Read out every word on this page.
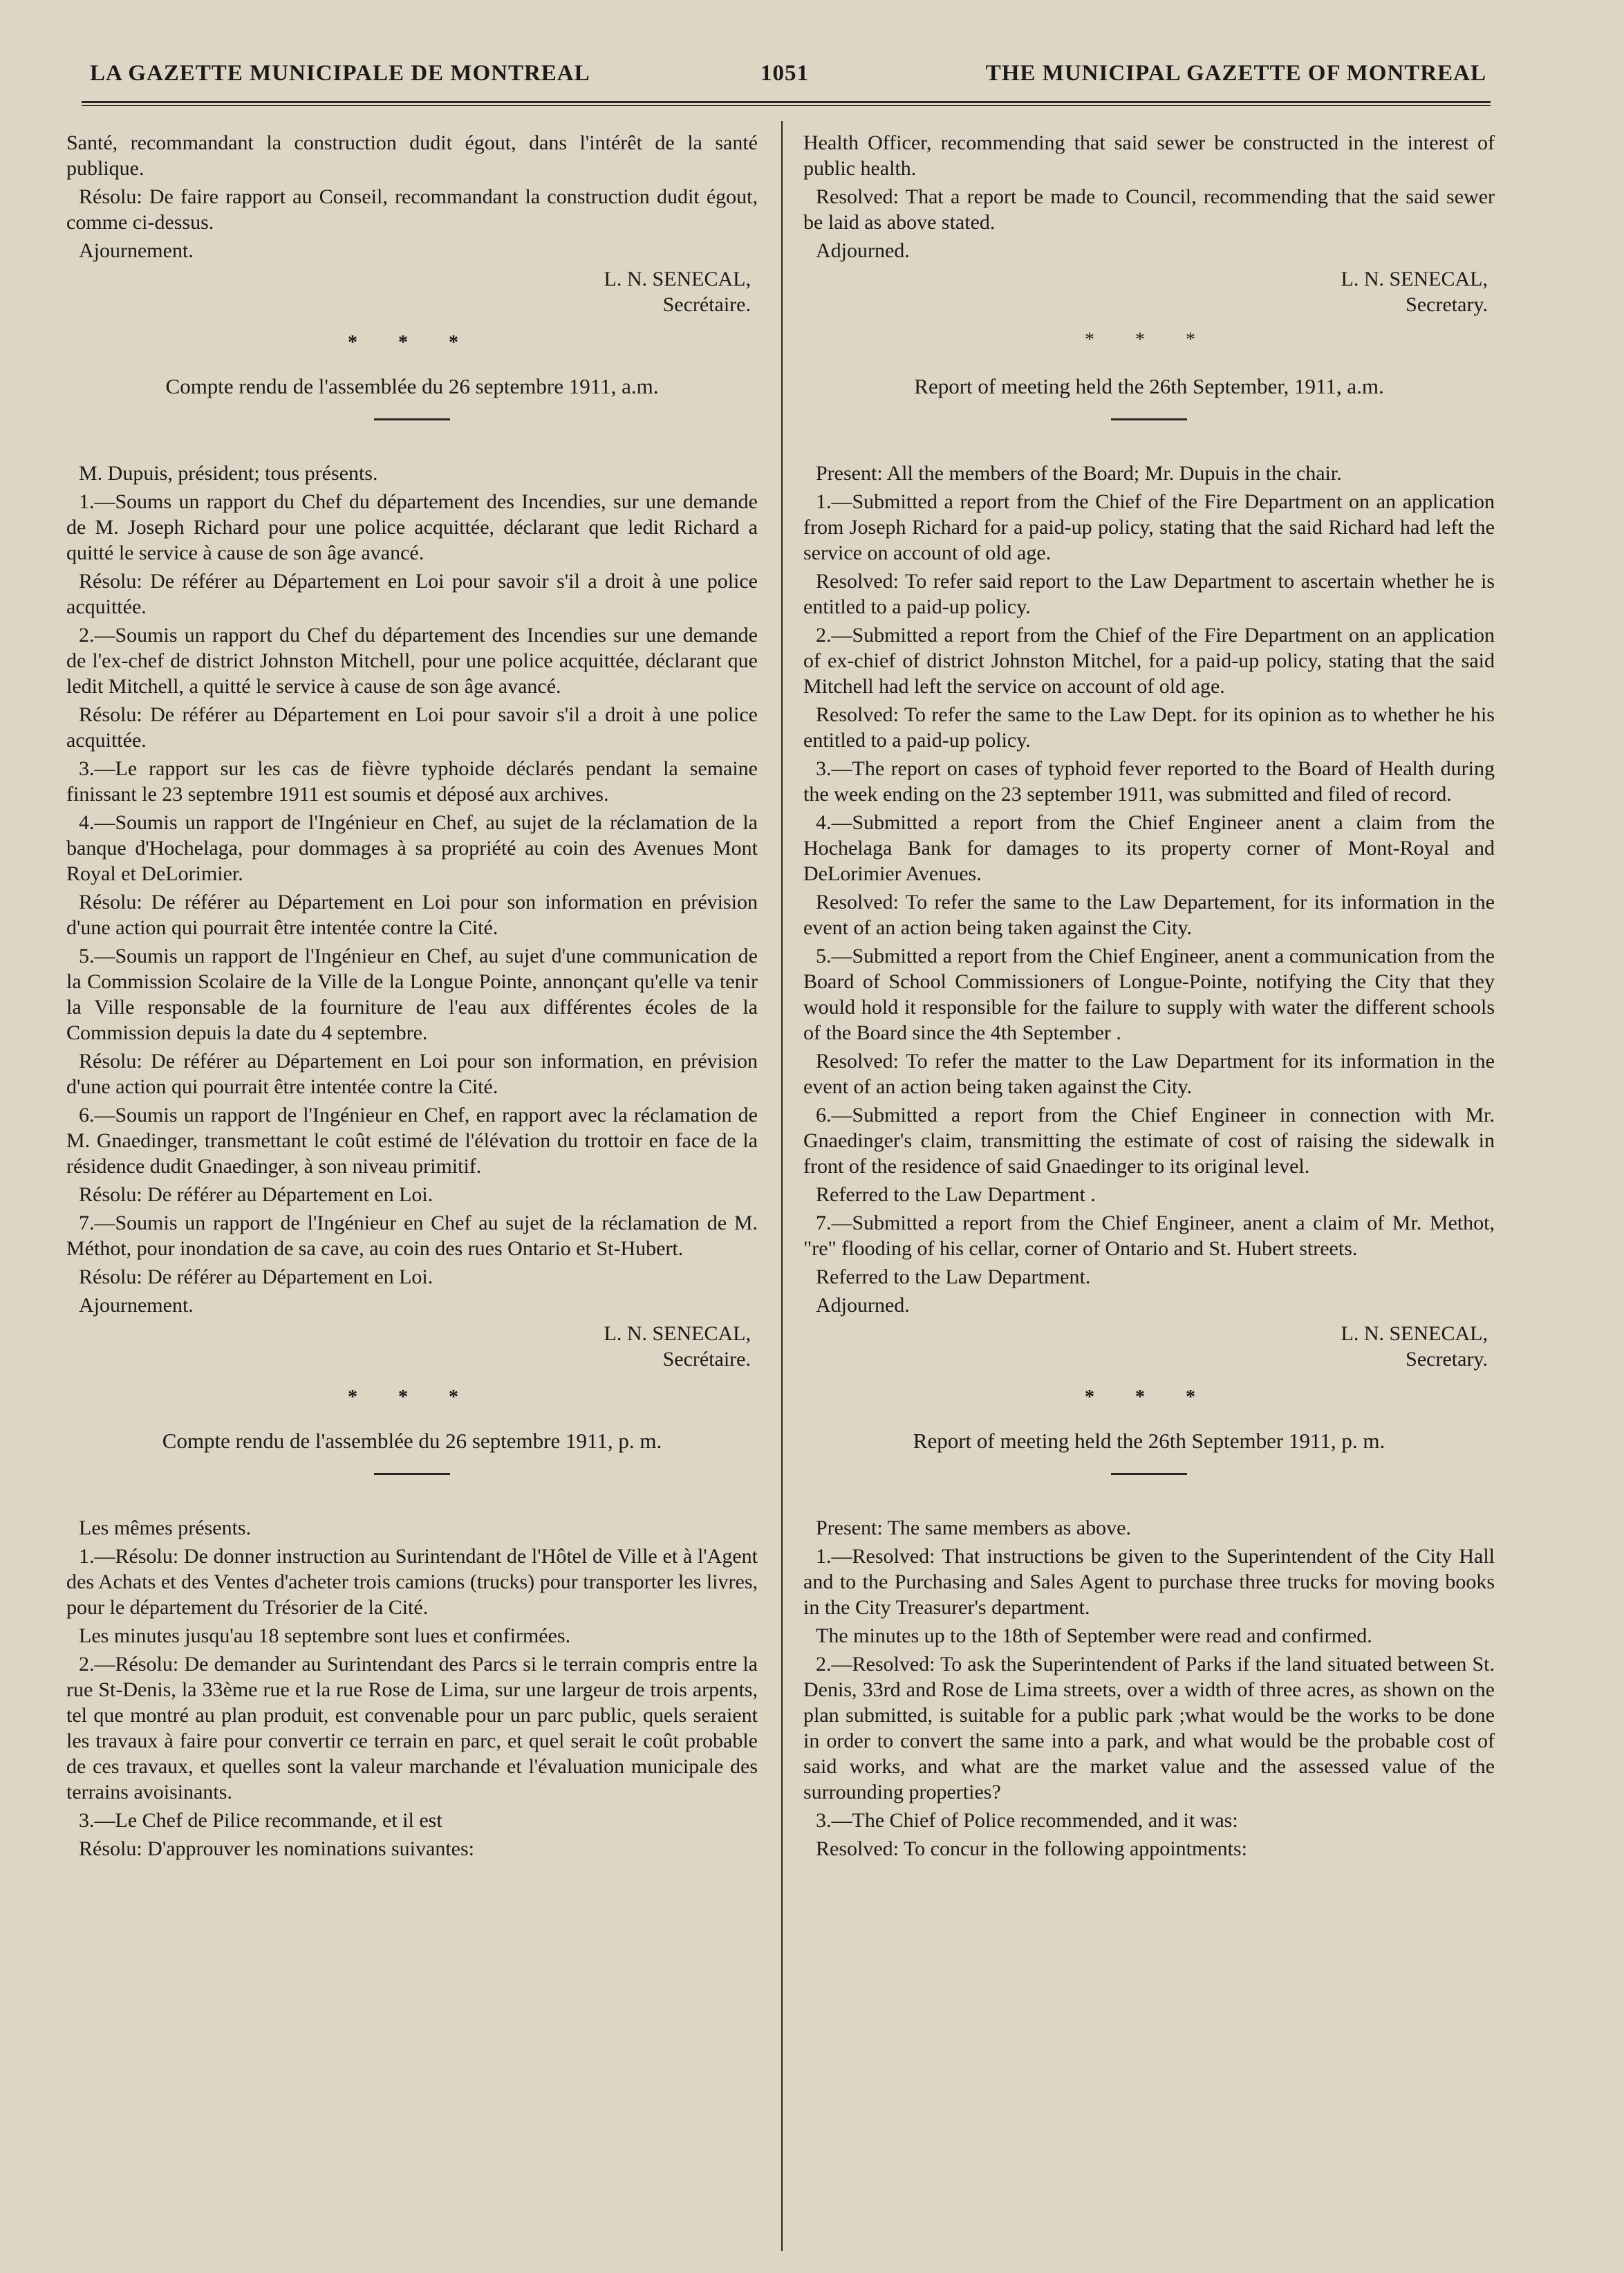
LA GAZETTE MUNICIPALE DE MONTREAL	1051	THE MUNICIPAL GAZETTE OF MONTREAL

Santé, recommandant la construction dudit égout, dans l'intérêt de la santé publique.

Résolu: De faire rapport au Conseil, recommandant la construction dudit égout, comme ci-dessus.

Ajournement.

L. N. SENECAL,

Secrétaire.

* * *
Compte rendu de l'assemblée du 26 septembre 1911, a.m.

M. Dupuis, président; tous présents.

1.—Soums un rapport du Chef du département des Incendies, sur une demande de M. Joseph Richard pour une police acquittée, déclarant que ledit Richard a quitté le service à cause de son âge avancé.

Résolu: De référer au Département en Loi pour savoir s'il a droit à une police acquittée.

2.—Soumis un rapport du Chef du département des Incendies sur une demande de l'ex-chef de district Johnston Mitchell, pour une police acquittée, déclarant que ledit Mitchell, a quitté le service à cause de son âge avancé.

Résolu: De référer au Département en Loi pour savoir s'il a droit à une police acquittée.

3.—Le rapport sur les cas de fièvre typhoide déclarés pendant la semaine finissant le 23 septembre 1911 est soumis et déposé aux archives.

4.—Soumis un rapport de l'Ingénieur en Chef, au sujet de la réclamation de la banque d'Hochelaga, pour dommages à sa propriété au coin des Avenues Mont Royal et DeLorimier.

Résolu: De référer au Département en Loi pour son information en prévision d'une action qui pourrait être intentée contre la Cité.

5.—Soumis un rapport de l'Ingénieur en Chef, au sujet d'une communication de la Commission Scolaire de la Ville de la Longue Pointe, annonçant qu'elle va tenir la Ville responsable de la fourniture de l'eau aux différentes écoles de la Commission depuis la date du 4 septembre.

Résolu: De référer au Département en Loi pour son information, en prévision d'une action qui pourrait être intentée contre la Cité.

6.—Soumis un rapport de l'Ingénieur en Chef, en rapport avec la réclamation de M. Gnaedinger, transmettant le coût estimé de l'élévation du trottoir en face de la résidence dudit Gnaedinger, à son niveau primitif.

Résolu: De référer au Département en Loi.

7.—Soumis un rapport de l'Ingénieur en Chef au sujet de la réclamation de M. Méthot, pour inondation de sa cave, au coin des rues Ontario et St-Hubert.

Résolu: De référer au Département en Loi.

Ajournement.

L. N. SENECAL,

Secrétaire.

* * *
Compte rendu de l'assemblée du 26 septembre 1911, p. m.

Les mêmes présents.

1.—Résolu: De donner instruction au Surintendant de l'Hôtel de Ville et à l'Agent des Achats et des Ventes d'acheter trois camions (trucks) pour transporter les livres, pour le département du Trésorier de la Cité.

Les minutes jusqu'au 18 septembre sont lues et confirmées.

2.—Résolu: De demander au Surintendant des Parcs si le terrain compris entre la rue St-Denis, la 33ème rue et la rue Rose de Lima, sur une largeur de trois arpents, tel que montré au plan produit, est convenable pour un parc public, quels seraient les travaux à faire pour convertir ce terrain en parc, et quel serait le coût probable de ces travaux, et quelles sont la valeur marchande et l'évaluation municipale des terrains avoisinants.

3.—Le Chef de Pilice recommande, et il est

Résolu: D'approuver les nominations suivantes:

Health Officer, recommending that said sewer be constructed in the interest of public health.

Resolved: That a report be made to Council, recommending that the said sewer be laid as above stated.

Adjourned.

L. N. SENECAL,

Secretary.

* * *
Report of meeting held the 26th September, 1911, a.m.

Present: All the members of the Board; Mr. Dupuis in the chair.

1.—Submitted a report from the Chief of the Fire Department on an application from Joseph Richard for a paid-up policy, stating that the said Richard had left the service on account of old age.

Resolved: To refer said report to the Law Department to ascertain whether he is entitled to a paid-up policy.

2.—Submitted a report from the Chief of the Fire Department on an application of ex-chief of district Johnston Mitchel, for a paid-up policy, stating that the said Mitchell had left the service on account of old age.

Resolved: To refer the same to the Law Dept. for its opinion as to whether he his entitled to a paid-up policy.

3.—The report on cases of typhoid fever reported to the Board of Health during the week ending on the 23 september 1911, was submitted and filed of record.

4.—Submitted a report from the Chief Engineer anent a claim from the Hochelaga Bank for damages to its property corner of Mont-Royal and DeLorimier Avenues.

Resolved: To refer the same to the Law Departement, for its information in the event of an action being taken against the City.

5.—Submitted a report from the Chief Engineer, anent a communication from the Board of School Commissioners of Longue-Pointe, notifying the City that they would hold it responsible for the failure to supply with water the different schools of the Board since the 4th September .

Resolved: To refer the matter to the Law Department for its information in the event of an action being taken against the City.

6.—Submitted a report from the Chief Engineer in connection with Mr. Gnaedinger's claim, transmitting the estimate of cost of raising the sidewalk in front of the residence of said Gnaedinger to its original level.

Referred to the Law Department .

7.—Submitted a report from the Chief Engineer, anent a claim of Mr. Methot, "re" flooding of his cellar, corner of Ontario and St. Hubert streets.

Referred to the Law Department.

Adjourned.

L. N. SENECAL,

Secretary.

* * *
Report of meeting held the 26th September 1911, p. m.

Present: The same members as above.

1.—Resolved: That instructions be given to the Superintendent of the City Hall and to the Purchasing and Sales Agent to purchase three trucks for moving books in the City Treasurer's department.

The minutes up to the 18th of September were read and confirmed.

2.—Resolved: To ask the Superintendent of Parks if the land situated between St. Denis, 33rd and Rose de Lima streets, over a width of three acres, as shown on the plan submitted, is suitable for a public park ;what would be the works to be done in order to convert the same into a park, and what would be the probable cost of said works, and what are the market value and the assessed value of the surrounding properties?

3.—The Chief of Police recommended, and it was:

Resolved: To concur in the following appointments:
